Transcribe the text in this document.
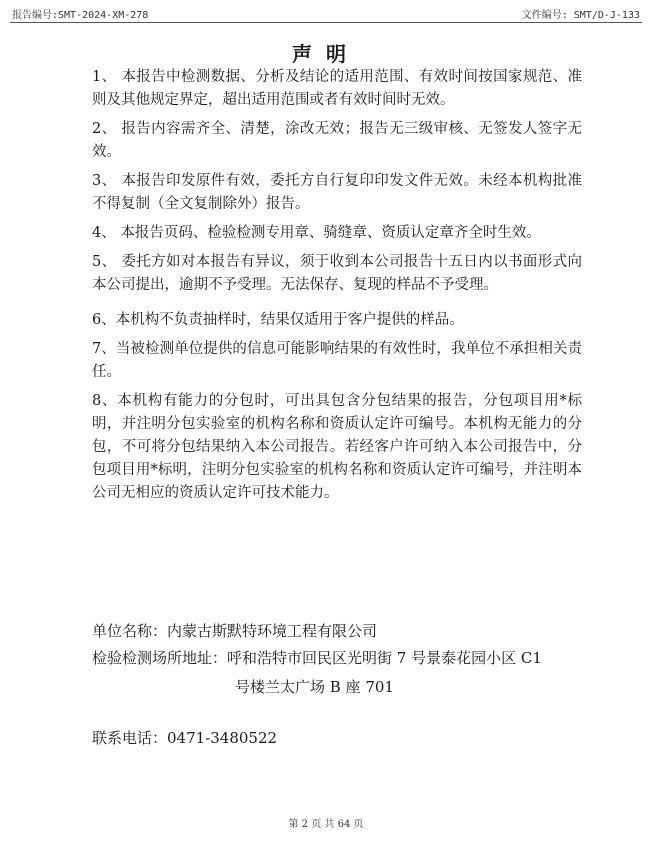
报告编号:SMT-2024-XM-278	文件编号: SMT/D-J-133
声明

1、 本报告中检测数据、分析及结论的适用范围、有效时间按国家规范、准则及其他规定界定，超出适用范围或者有效时间时无效。

2、 报告内容需齐全、清楚，涂改无效；报告无三级审核、无签发人签字无效。

3、 本报告印发原件有效，委托方自行复印印发文件无效。未经本机构批准不得复制（全文复制除外）报告。

4、 本报告页码、检验检测专用章、骑缝章、资质认定章齐全时生效。

5、 委托方如对本报告有异议，须于收到本公司报告十五日内以书面形式向本公司提出，逾期不予受理。无法保存、复现的样品不予受理。

6、本机构不负责抽样时，结果仅适用于客户提供的样品。

7、当被检测单位提供的信息可能影响结果的有效性时，我单位不承担相关责任。

8、本机构有能力的分包时，可出具包含分包结果的报告，分包项目用*标明，并注明分包实验室的机构名称和资质认定许可编号。本机构无能力的分包，不可将分包结果纳入本公司报告。若经客户许可纳入本公司报告中，分包项目用*标明，注明分包实验室的机构名称和资质认定许可编号，并注明本公司无相应的资质认定许可技术能力。

单位名称：内蒙古斯默特环境工程有限公司
检验检测场所地址：呼和浩特市回民区光明街 7 号景泰花园小区 C1
号楼兰太广场 B 座 701
联系电话：0471-3480522
第 2 页 共 64 页
